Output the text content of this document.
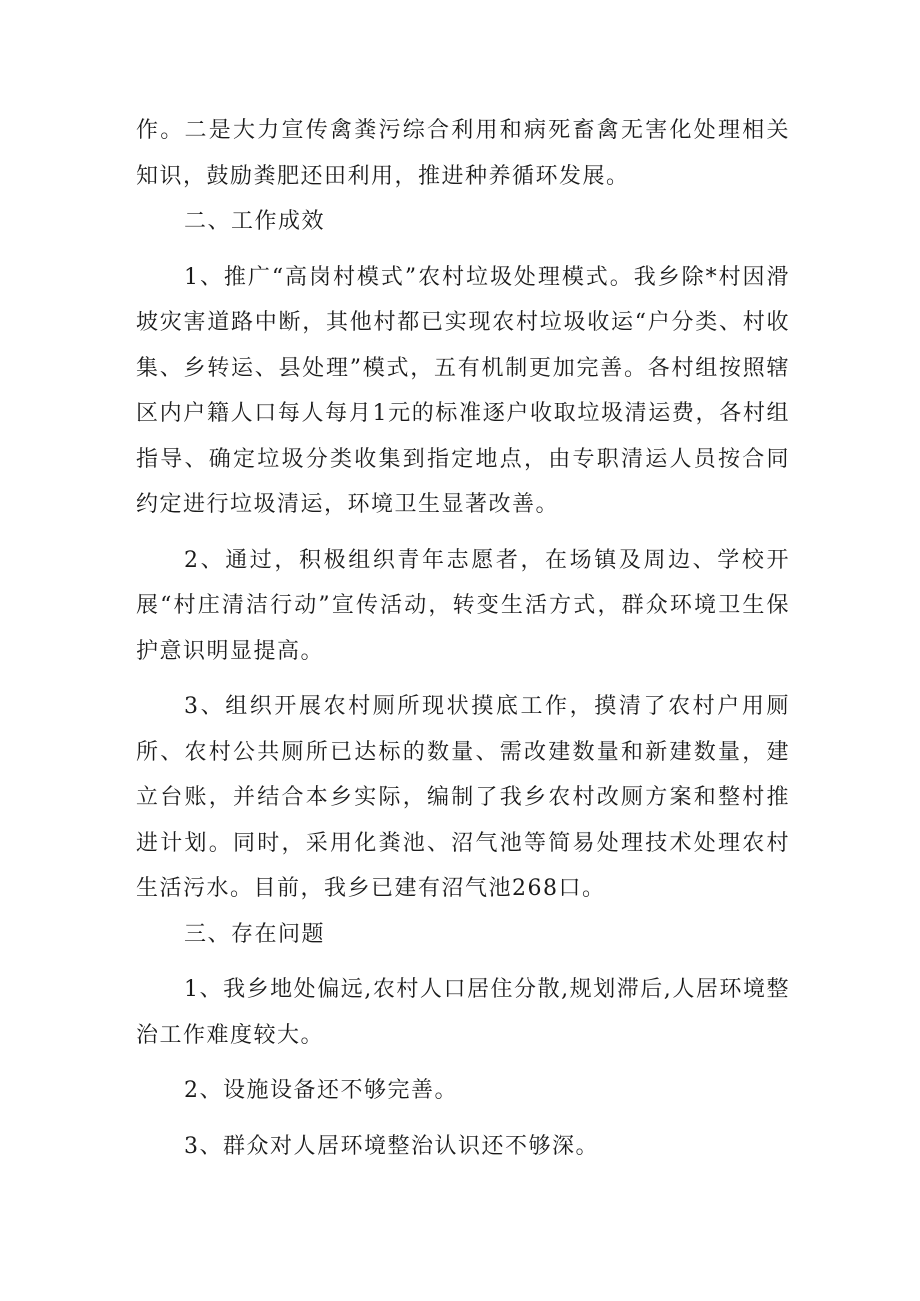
作。二是大力宣传禽粪污综合利用和病死畜禽无害化处理相关知识，鼓励粪肥还田利用，推进种养循环发展。

二、工作成效

1、推广“高岗村模式”农村垃圾处理模式。我乡除*村因滑坡灾害道路中断，其他村都已实现农村垃圾收运“户分类、村收集、乡转运、县处理”模式，五有机制更加完善。各村组按照辖区内户籍人口每人每月1元的标准逐户收取垃圾清运费，各村组指导、确定垃圾分类收集到指定地点，由专职清运人员按合同约定进行垃圾清运，环境卫生显著改善。

2、通过，积极组织青年志愿者，在场镇及周边、学校开展“村庄清洁行动”宣传活动，转变生活方式，群众环境卫生保护意识明显提高。

3、组织开展农村厕所现状摸底工作，摸清了农村户用厕所、农村公共厕所已达标的数量、需改建数量和新建数量，建立台账，并结合本乡实际，编制了我乡农村改厕方案和整村推进计划。同时，采用化粪池、沼气池等简易处理技术处理农村生活污水。目前，我乡已建有沼气池268口。

三、存在问题

1、我乡地处偏远,农村人口居住分散,规划滞后,人居环境整治工作难度较大。

2、设施设备还不够完善。

3、群众对人居环境整治认识还不够深。
